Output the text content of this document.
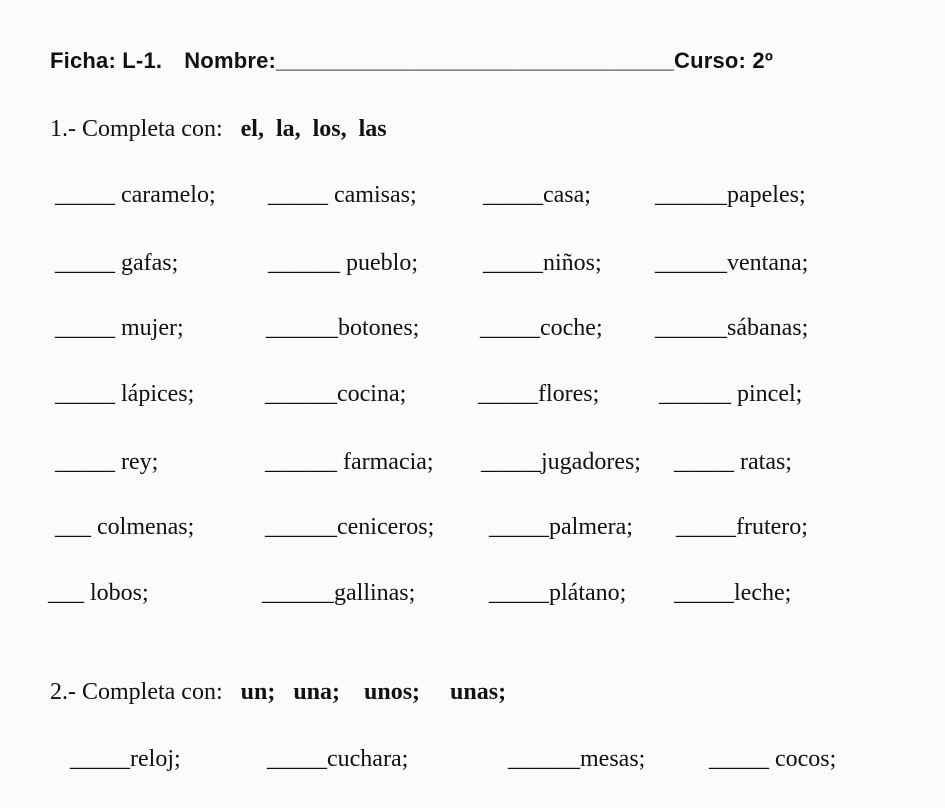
Ficha: L-1. Nombre:________________________________Curso: 2º
1.- Completa con: el,  la,  los,  las
_____ caramelo; _____ camisas;	_____casa;	______papeles;
_____ gafas;	______ pueblo;	_____niños; ______ventana;
_____ mujer;	______botones;	_____coche; ______sábanas;
_____ lápices;	______cocina;	_____flores; ______ pincel;
_____ rey;	______ farmacia; _____jugadores; _____ ratas;
___ colmenas;	______ceniceros; _____palmera; _____frutero;
___ lobos;	______gallinas;	_____plátano; _____leche;
2.- Completa con: un;   una;    unos;     unas;
_____reloj;	_____cuchara;	______mesas;	_____ cocos;
